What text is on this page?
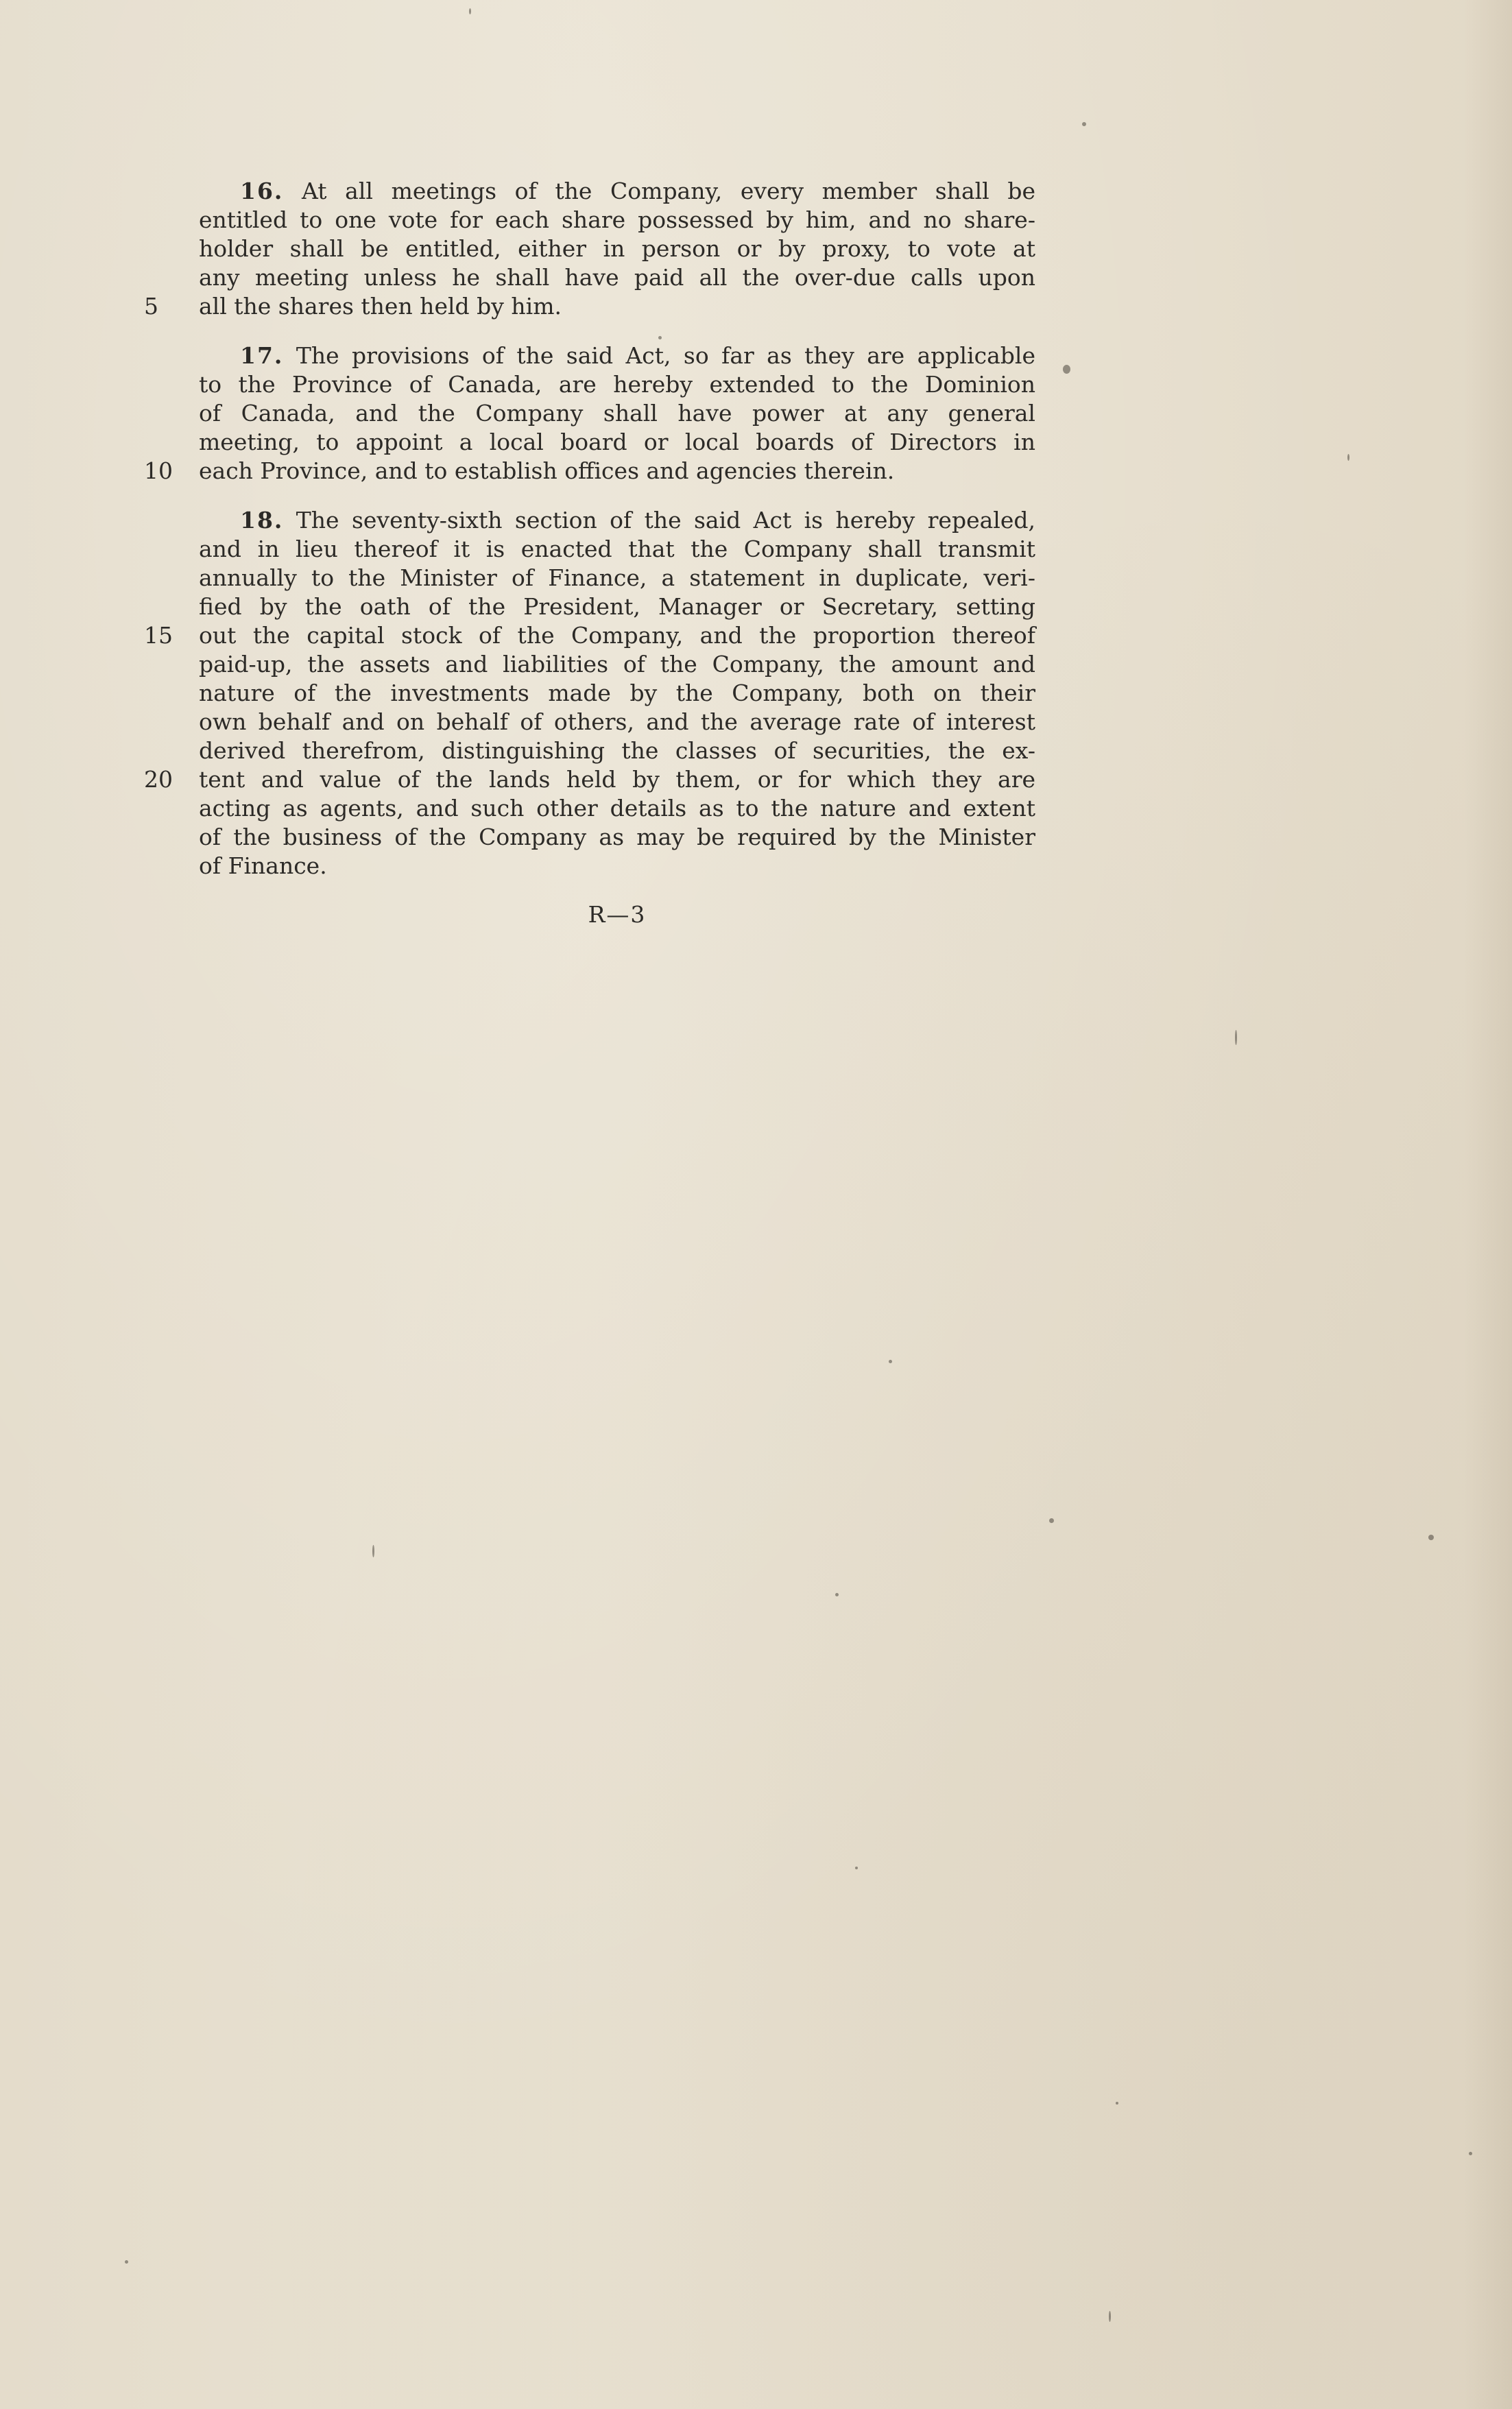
16. At all meetings of the Company, every member shall be
entitled to one vote for each share possessed by him, and no share-
holder shall be entitled, either in person or by proxy, to vote at
any meeting unless he shall have paid all the over-due calls upon
all the shares then held by him.
5
17. The provisions of the said Act, so far as they are applicable
to the Province of Canada, are hereby extended to the Dominion
of Canada, and the Company shall have power at any general
meeting, to appoint a local board or local boards of Directors in
each Province, and to establish offices and agencies therein.
10
18. The seventy-sixth section of the said Act is hereby repealed,
and in lieu thereof it is enacted that the Company shall transmit
annually to the Minister of Finance, a statement in duplicate, veri-
fied by the oath of the President, Manager or Secretary, setting
out the capital stock of the Company, and the proportion thereof
15
paid-up, the assets and liabilities of the Company, the amount and
nature of the investments made by the Company, both on their
own behalf and on behalf of others, and the average rate of interest
derived therefrom, distinguishing the classes of securities, the ex-
tent and value of the lands held by them, or for which they are
20
acting as agents, and such other details as to the nature and extent
of the business of the Company as may be required by the Minister
of Finance.
R—3
